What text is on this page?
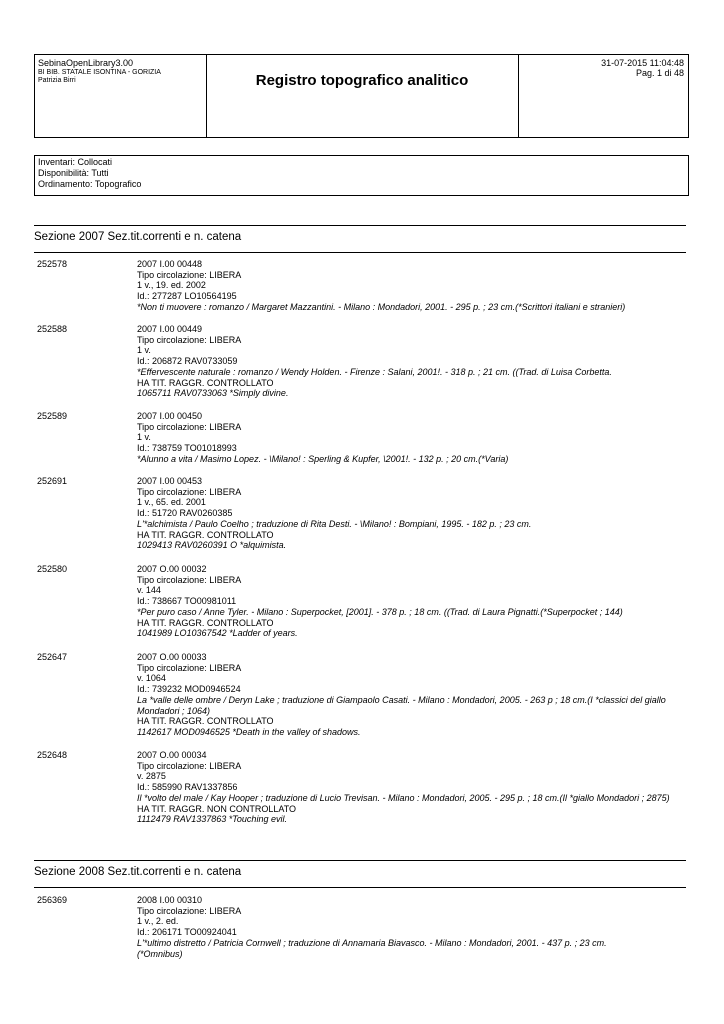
SebinaOpenLibrary3.00
BI BIB. STATALE ISONTINA - GORIZIA
Patrizia Birri	Registro topografico analitico
31-07-2015 11:04:48
Pag. 1 di 48
Inventari: Collocati
Disponibilità: Tutti
Ordinamento: Topografico
Sezione 2007 Sez.tit.correnti e n. catena
252578	2007 I.00 00448
Tipo circolazione: LIBERA
1 v., 19. ed. 2002
Id.: 277287 LO10564195
*Non ti muovere : romanzo / Margaret Mazzantini. - Milano : Mondadori, 2001. - 295 p. ; 23 cm.(*Scrittori italiani e stranieri)
252588	2007 I.00 00449
Tipo circolazione: LIBERA
1 v.
Id.: 206872 RAV0733059
*Effervescente naturale : romanzo / Wendy Holden. - Firenze : Salani, 2001!. - 318 p. ; 21 cm. ((Trad. di Luisa Corbetta.
HA TIT. RAGGR. CONTROLLATO
1065711 RAV0733063 *Simply divine.
252589	2007 I.00 00450
Tipo circolazione: LIBERA
1 v.
Id.: 738759 TO01018993
*Alunno a vita / Masimo Lopez. - \Milano! : Sperling & Kupfer, \2001!. - 132 p. ; 20 cm.(*Varia)
252691	2007 I.00 00453
Tipo circolazione: LIBERA
1 v., 65. ed. 2001
Id.: 51720 RAV0260385
L'*alchimista / Paulo Coelho ; traduzione di Rita Desti. - \Milano! : Bompiani, 1995. - 182 p. ; 23 cm.
HA TIT. RAGGR. CONTROLLATO
1029413 RAV0260391 O *alquimista.
252580	2007 O.00 00032
Tipo circolazione: LIBERA
v. 144
Id.: 738667 TO00981011
*Per puro caso / Anne Tyler. - Milano : Superpocket, [2001]. - 378 p. ; 18 cm. ((Trad. di Laura Pignatti.(*Superpocket ; 144)
HA TIT. RAGGR. CONTROLLATO
1041989 LO10367542 *Ladder of years.
252647	2007 O.00 00033
Tipo circolazione: LIBERA
v. 1064
Id.: 739232 MOD0946524
La *valle delle ombre / Deryn Lake ; traduzione di Giampaolo Casati. - Milano : Mondadori, 2005. - 263 p ; 18 cm.(I *classici del giallo Mondadori ; 1064)
HA TIT. RAGGR. CONTROLLATO
1142617 MOD0946525 *Death in the valley of shadows.
252648	2007 O.00 00034
Tipo circolazione: LIBERA
v. 2875
Id.: 585990 RAV1337856
Il *volto del male / Kay Hooper ; traduzione di Lucio Trevisan. - Milano : Mondadori, 2005. - 295 p. ; 18 cm.(Il *giallo Mondadori ; 2875)
HA TIT. RAGGR. NON CONTROLLATO
1112479 RAV1337863 *Touching evil.
Sezione 2008 Sez.tit.correnti e n. catena
256369	2008 I.00 00310
Tipo circolazione: LIBERA
1 v., 2. ed.
Id.: 206171 TO00924041
L'*ultimo distretto / Patricia Cornwell ; traduzione di Annamaria Biavasco. - Milano : Mondadori, 2001. - 437 p. ; 23 cm.(*Omnibus)
